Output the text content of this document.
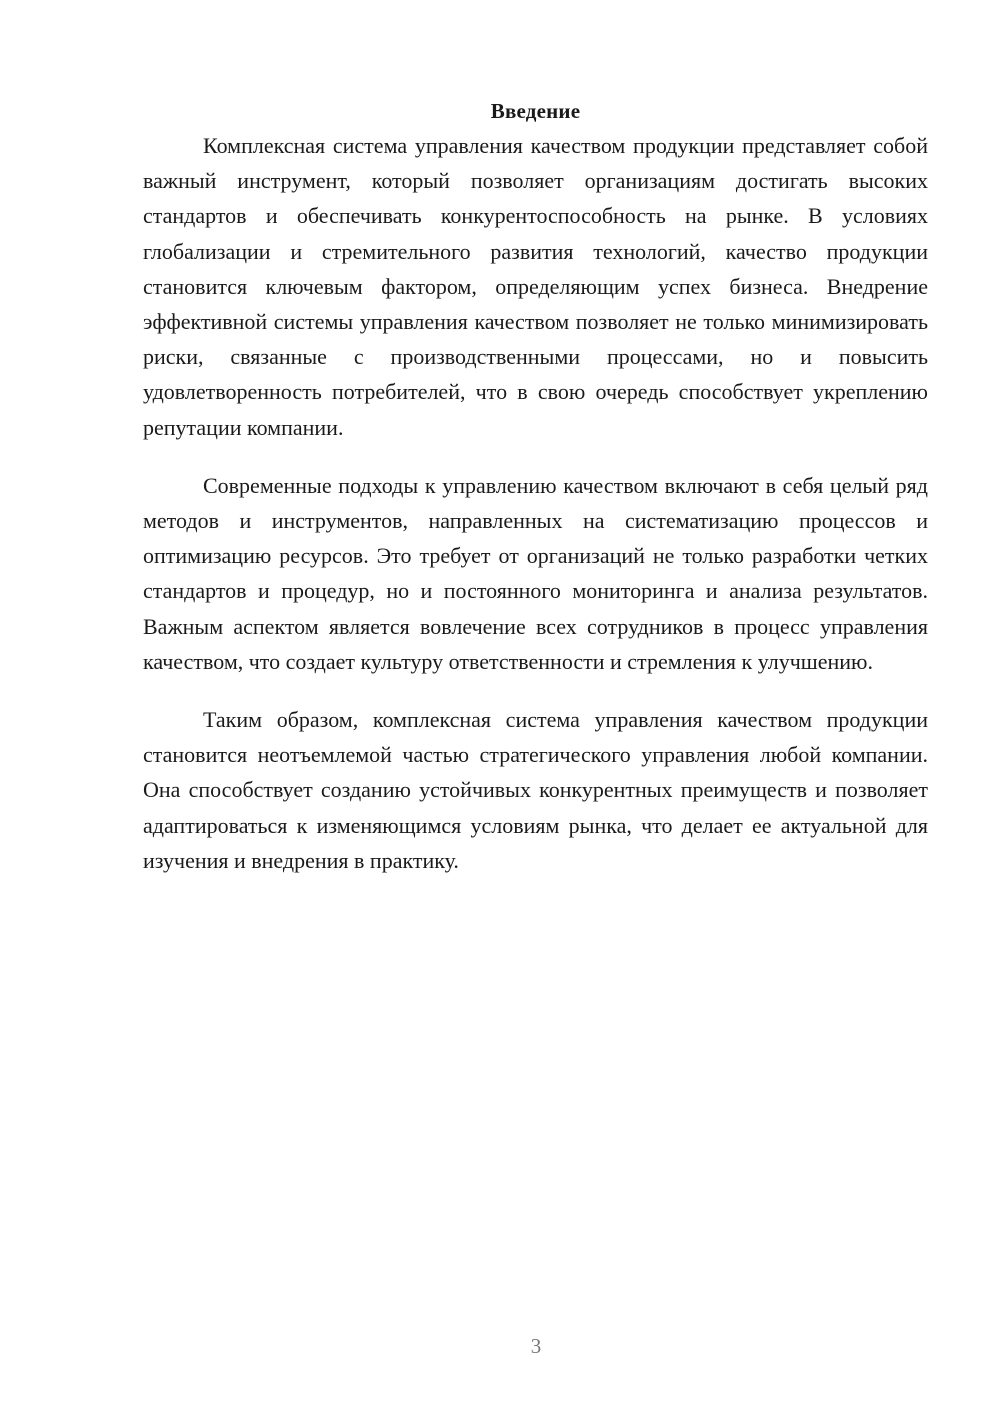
Введение

Комплексная система управления качеством продукции представляет собой важный инструмент, который позволяет организациям достигать высоких стандартов и обеспечивать конкурентоспособность на рынке. В условиях глобализации и стремительного развития технологий, качество продукции становится ключевым фактором, определяющим успех бизнеса. Внедрение эффективной системы управления качеством позволяет не только минимизировать риски, связанные с производственными процессами, но и повысить удовлетворенность потребителей, что в свою очередь способствует укреплению репутации компании.

Современные подходы к управлению качеством включают в себя целый ряд методов и инструментов, направленных на систематизацию процессов и оптимизацию ресурсов. Это требует от организаций не только разработки четких стандартов и процедур, но и постоянного мониторинга и анализа результатов. Важным аспектом является вовлечение всех сотрудников в процесс управления качеством, что создает культуру ответственности и стремления к улучшению.

Таким образом, комплексная система управления качеством продукции становится неотъемлемой частью стратегического управления любой компании. Она способствует созданию устойчивых конкурентных преимуществ и позволяет адаптироваться к изменяющимся условиям рынка, что делает ее актуальной для изучения и внедрения в практику.

3
